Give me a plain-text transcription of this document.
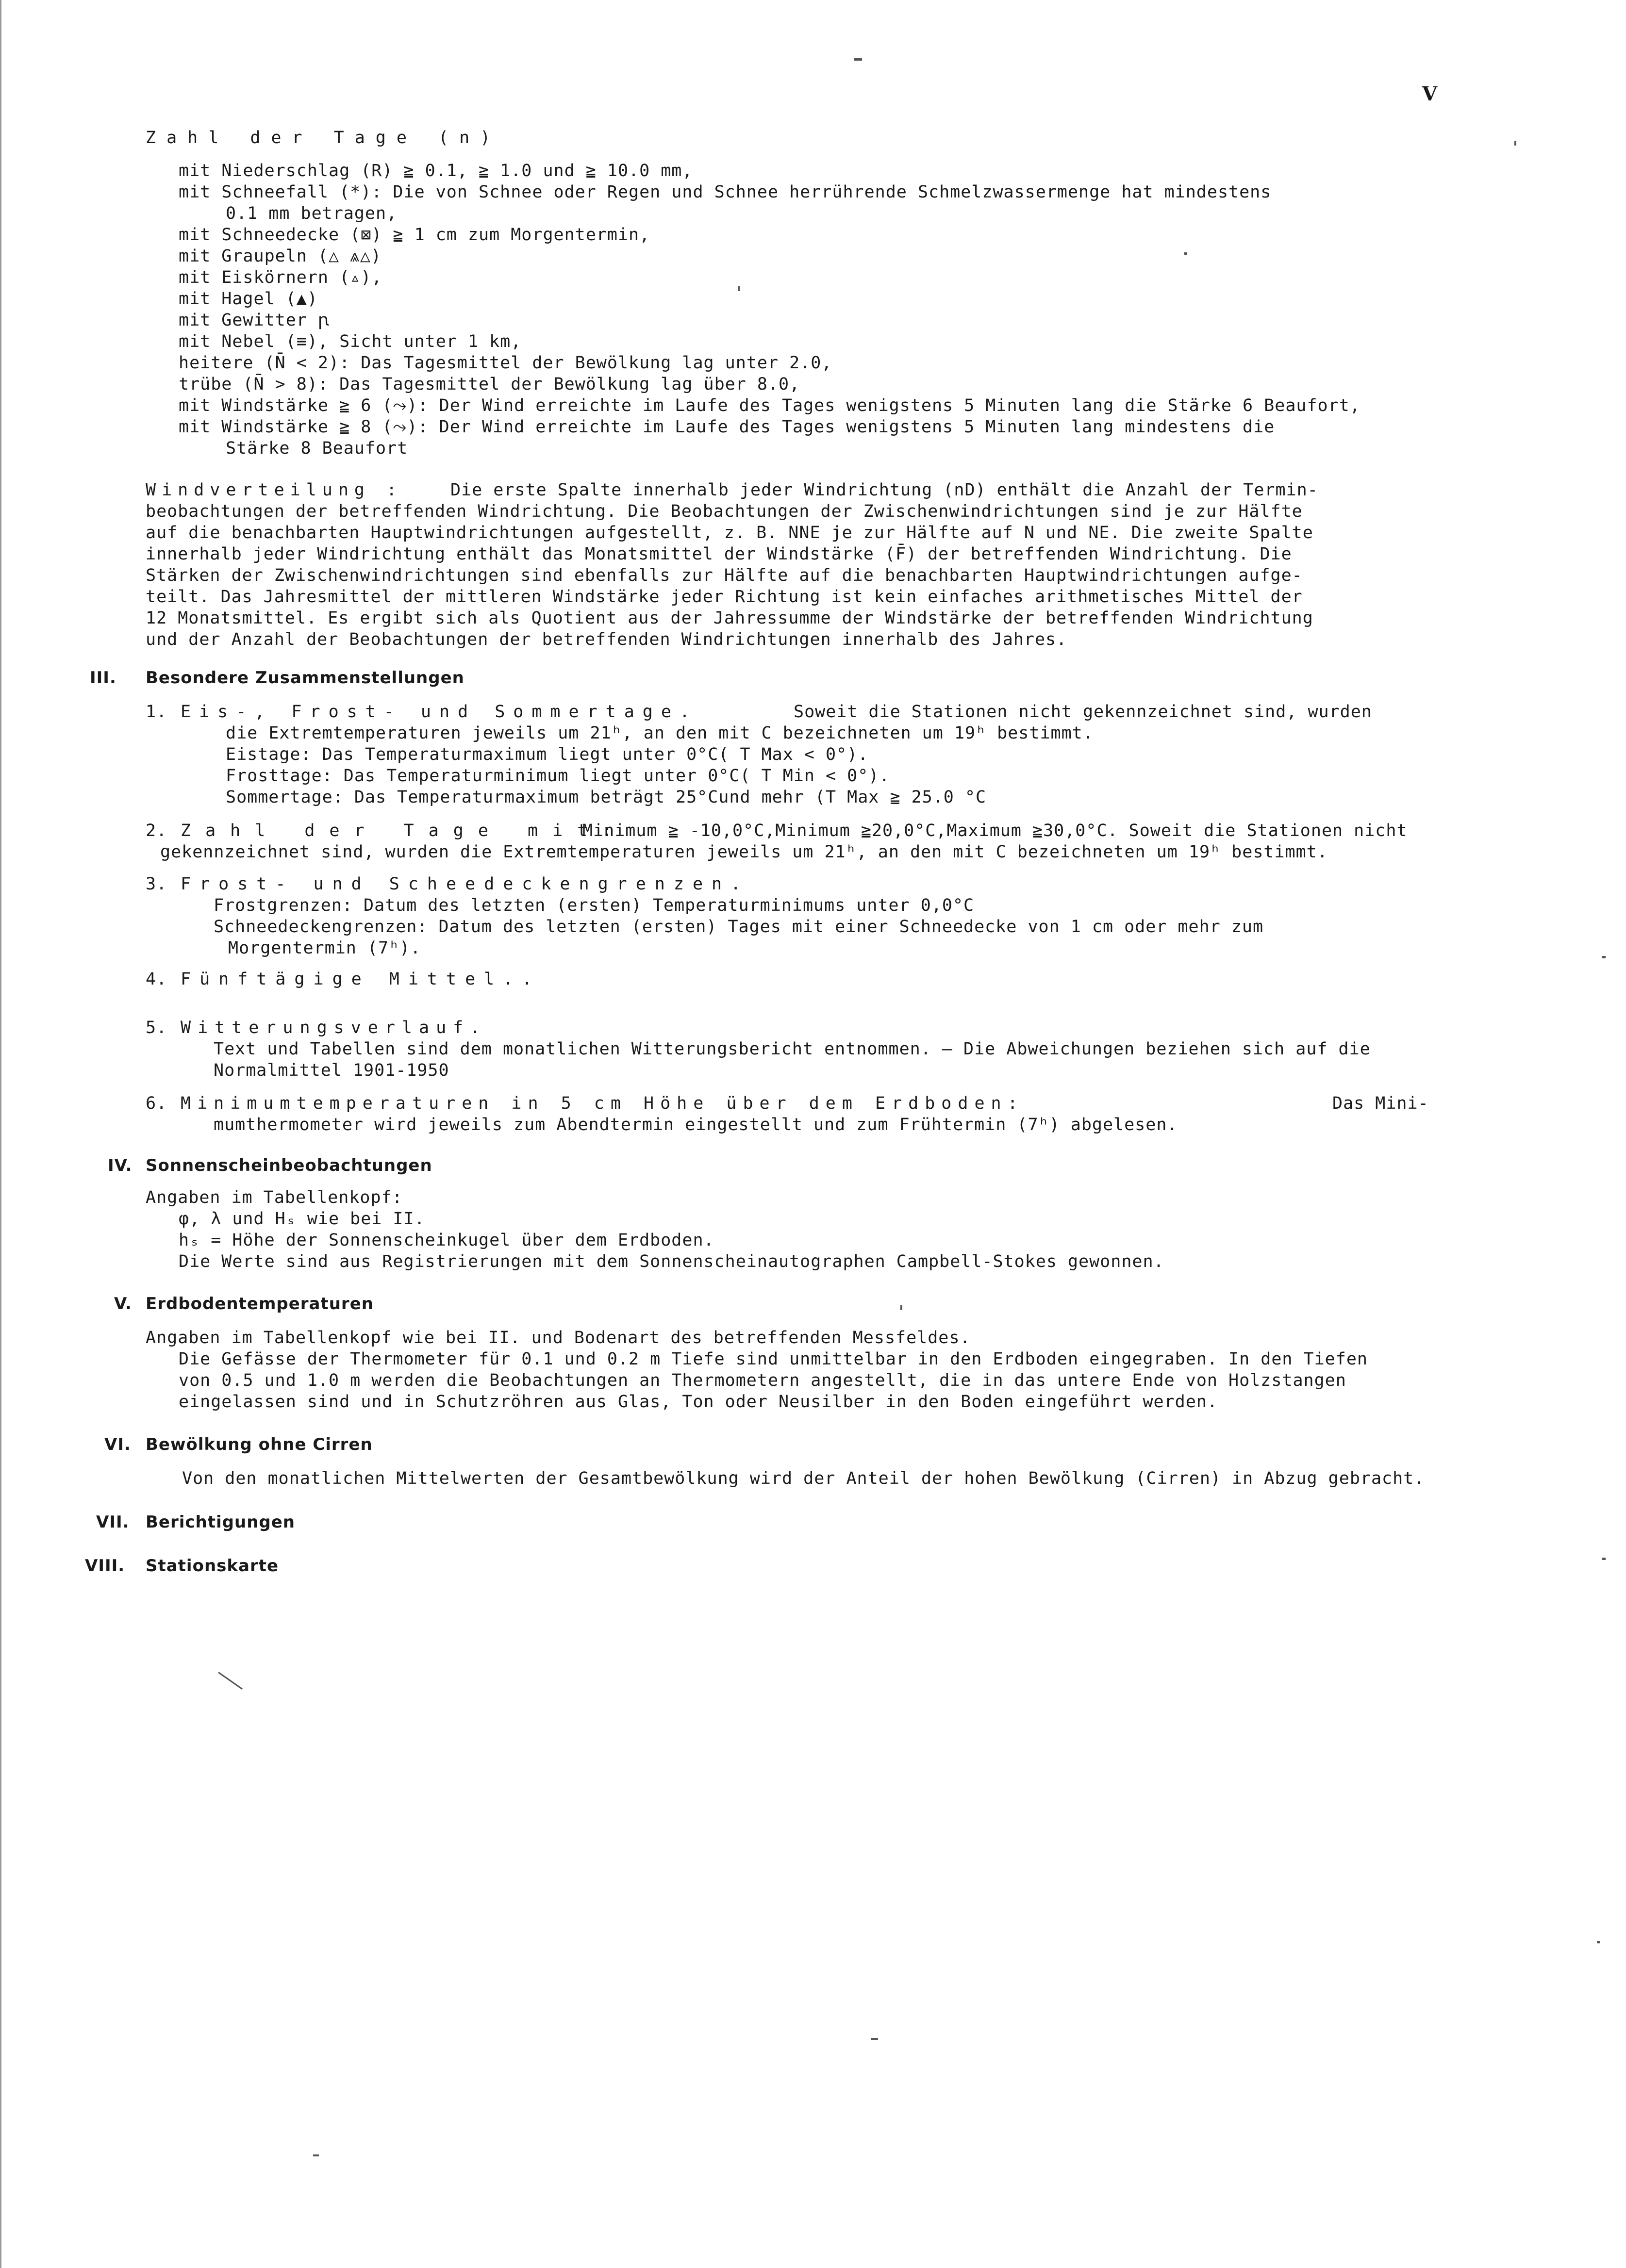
V
Zahl der Tage (n)
mit Niederschlag (R) ≧ 0.1, ≧ 1.0 und ≧ 10.0 mm,
mit Schneefall (*): Die von Schnee oder Regen und Schnee herrührende Schmelzwassermenge hat mindestens
0.1 mm betragen,
mit Schneedecke (⊠) ≧ 1 cm zum Morgentermin,
mit Graupeln (△ ⩓△)
mit Eiskörnern (▵),
mit Hagel (▲)
mit Gewitter ꞃ
mit Nebel (≡), Sicht unter 1 km,
heitere (N̄ < 2): Das Tagesmittel der Bewölkung lag unter 2.0,
trübe (N̄ > 8): Das Tagesmittel der Bewölkung lag über 8.0,
mit Windstärke ≧ 6 (⤳): Der Wind erreichte im Laufe des Tages wenigstens 5 Minuten lang die Stärke 6 Beaufort,
mit Windstärke ≧ 8 (⤳): Der Wind erreichte im Laufe des Tages wenigstens 5 Minuten lang mindestens die
Stärke 8 Beaufort
Windverteilung :	Die erste Spalte innerhalb jeder Windrichtung (nD) enthält die Anzahl der Termin-
beobachtungen der betreffenden Windrichtung. Die Beobachtungen der Zwischenwindrichtungen sind je zur Hälfte
auf die benachbarten Hauptwindrichtungen aufgestellt, z. B. NNE je zur Hälfte auf N und NE. Die zweite Spalte
innerhalb jeder Windrichtung enthält das Monatsmittel der Windstärke (F̄) der betreffenden Windrichtung. Die
Stärken der Zwischenwindrichtungen sind ebenfalls zur Hälfte auf die benachbarten Hauptwindrichtungen aufge-
teilt. Das Jahresmittel der mittleren Windstärke jeder Richtung ist kein einfaches arithmetisches Mittel der
12 Monatsmittel. Es ergibt sich als Quotient aus der Jahressumme der Windstärke der betreffenden Windrichtung
und der Anzahl der Beobachtungen der betreffenden Windrichtungen innerhalb des Jahres.
III. Besondere Zusammenstellungen
1. Eis-, Frost- und Sommertage.	Soweit die Stationen nicht gekennzeichnet sind, wurden
die Extremtemperaturen jeweils um 21ʰ, an den mit C bezeichneten um 19ʰ bestimmt.
Eistage: Das Temperaturmaximum liegt unter 0°C( T Max < 0°).
Frosttage: Das Temperaturminimum liegt unter 0°C( T Min < 0°).
Sommertage: Das Temperaturmaximum beträgt 25°Cund mehr (T Max ≧ 25.0 °C
2. Zahl der Tage mit:
Minimum ≧ -10,0°C,Minimum ≧20,0°C,Maximum ≧30,0°C. Soweit die Stationen nicht
gekennzeichnet sind, wurden die Extremtemperaturen jeweils um 21ʰ, an den mit C bezeichneten um 19ʰ bestimmt.
3. Frost- und Scheedeckengrenzen.
Frostgrenzen: Datum des letzten (ersten) Temperaturminimums unter 0,0°C
Schneedeckengrenzen: Datum des letzten (ersten) Tages mit einer Schneedecke von 1 cm oder mehr zum
Morgentermin (7ʰ).
4. Fünftägige Mittel..
5. Witterungsverlauf.
Text und Tabellen sind dem monatlichen Witterungsbericht entnommen. — Die Abweichungen beziehen sich auf die
Normalmittel 1901-1950
6. Minimumtemperaturen in 5 cm Höhe über dem Erdboden:	Das Mini-
mumthermometer wird jeweils zum Abendtermin eingestellt und zum Frühtermin (7ʰ) abgelesen.
IV. Sonnenscheinbeobachtungen
Angaben im Tabellenkopf:
φ, λ und Hₛ wie bei II.
hₛ = Höhe der Sonnenscheinkugel über dem Erdboden.
Die Werte sind aus Registrierungen mit dem Sonnenscheinautographen Campbell-Stokes gewonnen.
V. Erdbodentemperaturen
Angaben im Tabellenkopf wie bei II. und Bodenart des betreffenden Messfeldes.
Die Gefässe der Thermometer für 0.1 und 0.2 m Tiefe sind unmittelbar in den Erdboden eingegraben. In den Tiefen
von 0.5 und 1.0 m werden die Beobachtungen an Thermometern angestellt, die in das untere Ende von Holzstangen
eingelassen sind und in Schutzröhren aus Glas, Ton oder Neusilber in den Boden eingeführt werden.
VI. Bewölkung ohne Cirren
Von den monatlichen Mittelwerten der Gesamtbewölkung wird der Anteil der hohen Bewölkung (Cirren) in Abzug gebracht.
VII. Berichtigungen
VIII. Stationskarte
